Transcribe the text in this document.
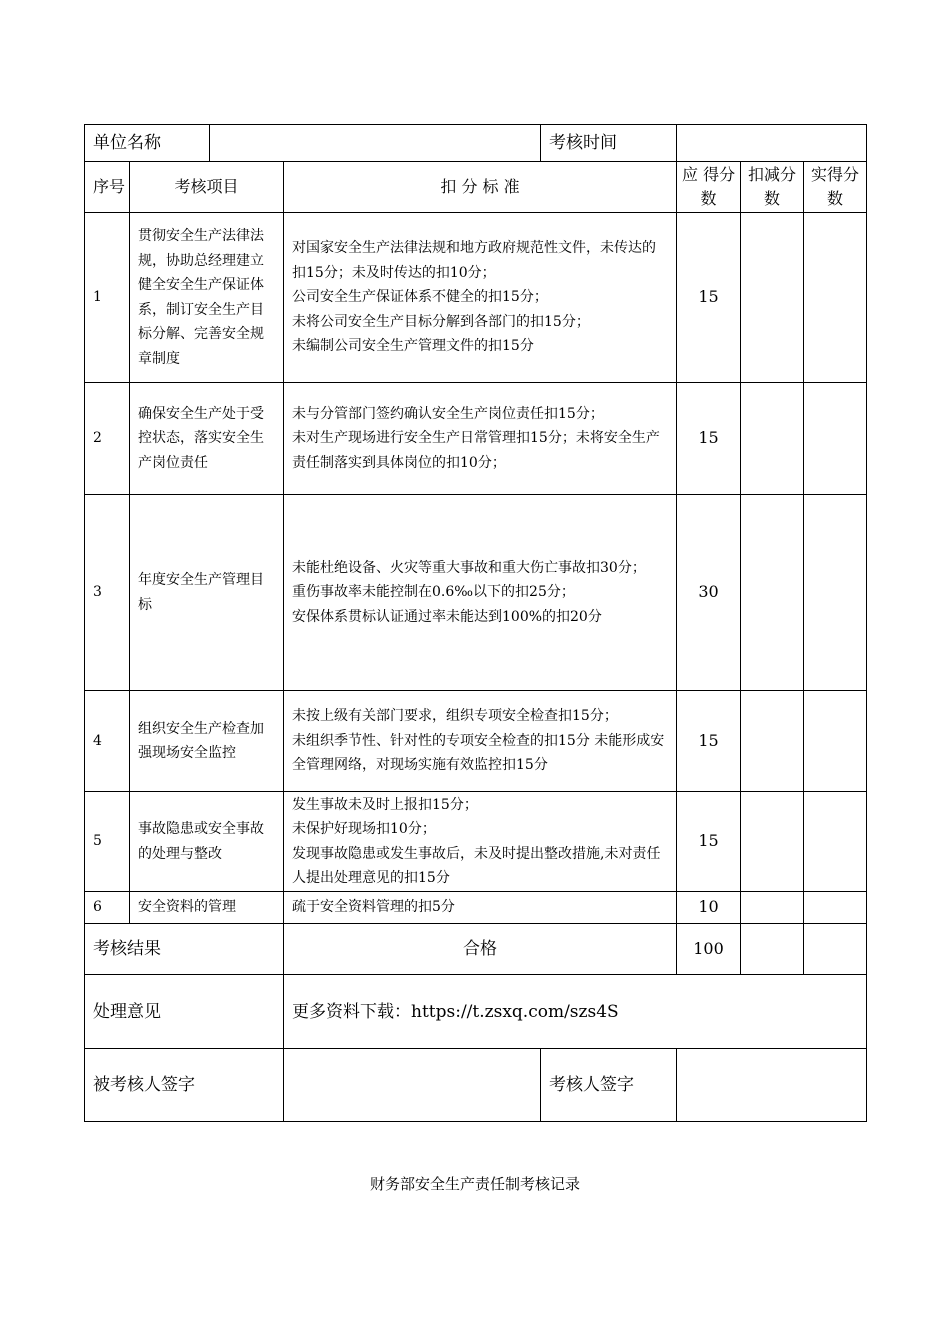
单位名称				考核时间			
序号	考核项目		扣 分 标 准		应 得分数	扣减分数	实得分数
1	贯彻安全生产法律法规，协助总经理建立健全安全生产保证体系，制订安全生产目标分解、完善安全规章制度		对国家安全生产法律法规和地方政府规范性文件，未传达的扣15分；未及时传达的扣10分；
公司安全生产保证体系不健全的扣15分；
未将公司安全生产目标分解到各部门的扣15分；
未编制公司安全生产管理文件的扣15分		15		
2	确保安全生产处于受控状态，落实安全生产岗位责任		未与分管部门签约确认安全生产岗位责任扣15分；
未对生产现场进行安全生产日常管理扣15分；未将安全生产责任制落实到具体岗位的扣10分；		15		
3	年度安全生产管理目标		未能杜绝设备、火灾等重大事故和重大伤亡事故扣30分；
重伤事故率未能控制在0.6‰以下的扣25分；
安保体系贯标认证通过率未能达到100%的扣20分		30		
4	组织安全生产检查加强现场安全监控		未按上级有关部门要求，组织专项安全检查扣15分；
未组织季节性、针对性的专项安全检查的扣15分 未能形成安全管理网络，对现场实施有效监控扣15分		15		
5	事故隐患或安全事故的处理与整改		发生事故未及时上报扣15分；
未保护好现场扣10分；
发现事故隐患或发生事故后，未及时提出整改措施,未对责任人提出处理意见的扣15分		15		
6	安全资料的管理		疏于安全资料管理的扣5分		10		
考核结果			合格		100		
处理意见			更多资料下载：https://t.zsxq.com/szs4S				
被考核人签字				考核人签字			
财务部安全生产责任制考核记录
